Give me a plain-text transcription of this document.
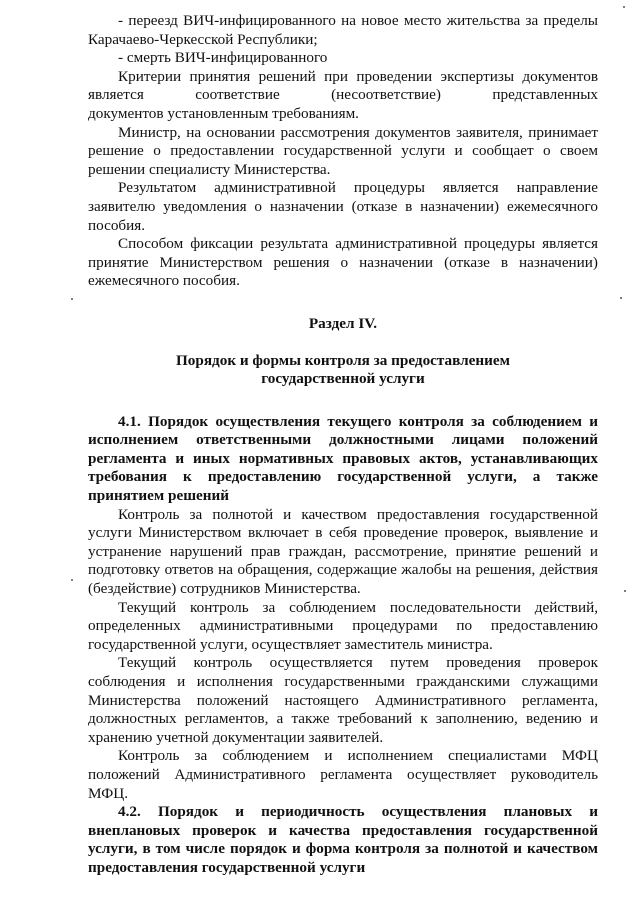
- переезд ВИЧ-инфицированного на новое место жительства за пределы

Карачаево-Черкесской Республики;

- смерть ВИЧ-инфицированного

Критерии принятия решений при проведении экспертизы документов

является соответствие (несоответствие) представленных

документов установленным требованиям.

Министр, на основании рассмотрения документов заявителя, принимает

решение о предоставлении государственной услуги и сообщает о своем

решении специалисту Министерства.

Результатом административной процедуры является направление

заявителю уведомления о назначении (отказе в назначении) ежемесячного

пособия.

Способом фиксации результата административной процедуры является

принятие Министерством решения о назначении (отказе в назначении)

ежемесячного пособия.

Раздел IV.

Порядок и формы контроля за предоставлением

государственной услуги

4.1. Порядок осуществления текущего контроля за соблюдением и

исполнением ответственными должностными лицами положений

регламента и иных нормативных правовых актов, устанавливающих

требования к предоставлению государственной услуги, а также

принятием решений

Контроль за полнотой и качеством предоставления государственной

услуги Министерством включает в себя проведение проверок, выявление и

устранение нарушений прав граждан, рассмотрение, принятие решений и

подготовку ответов на обращения, содержащие жалобы на решения, действия

(бездействие) сотрудников Министерства.

Текущий контроль за соблюдением последовательности действий,

определенных административными процедурами по предоставлению

государственной услуги, осуществляет заместитель министра.

Текущий контроль осуществляется путем проведения проверок

соблюдения и исполнения государственными гражданскими служащими

Министерства положений настоящего Административного регламента,

должностных регламентов, а также требований к заполнению, ведению и

хранению учетной документации заявителей.

Контроль за соблюдением и исполнением специалистами МФЦ

положений Административного регламента осуществляет руководитель

МФЦ.

4.2. Порядок и периодичность осуществления плановых и

внеплановых проверок и качества предоставления государственной

услуги, в том числе порядок и форма контроля за полнотой и качеством

предоставления государственной услуги
